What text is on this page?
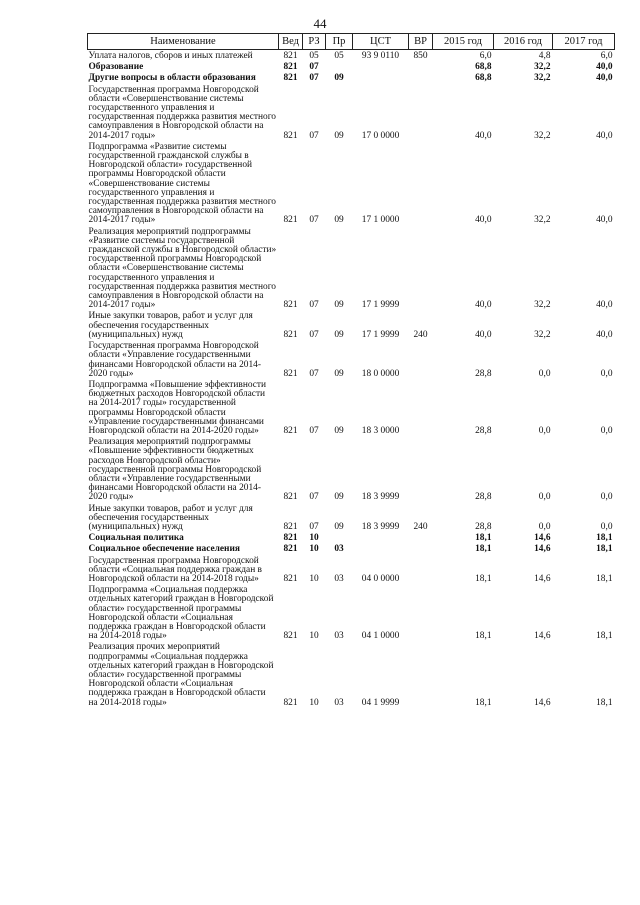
44
Наименование	Вед	РЗ	Пр	ЦСТ	ВР	2015 год	2016 год	2017 год
Уплата налогов, сборов и иных платежей	821	05	05	93 9 0110	850	6,0	4,8	6,0
Образование	821	07				68,8	32,2	40,0
Другие вопросы в области образования	821	07	09			68,8	32,2	40,0
Государственная программа Новгородской области «Совершенствование системы государственного управления и государственная поддержка развития местного самоуправления в Новгородской области на 2014-2017 годы»	821	07	09	17 0 0000		40,0	32,2	40,0
Подпрограмма «Развитие системы государственной гражданской службы в Новгородской области» государственной программы Новгородской области «Совершенствование системы государственного управления и государственная поддержка развития местного самоуправления в Новгородской области на 2014-2017 годы»	821	07	09	17 1 0000		40,0	32,2	40,0
Реализация мероприятий подпрограммы «Развитие системы государственной гражданской службы в Новгородской области» государственной программы Новгородской области «Совершенствование системы государственного управления и государственная поддержка развития местного самоуправления в Новгородской области на 2014-2017 годы»	821	07	09	17 1 9999		40,0	32,2	40,0
Иные закупки товаров, работ и услуг для обеспечения государственных (муниципальных) нужд	821	07	09	17 1 9999	240	40,0	32,2	40,0
Государственная программа Новгородской области «Управление государственными финансами Новгородской области на 2014-2020 годы»	821	07	09	18 0 0000		28,8	0,0	0,0
Подпрограмма «Повышение эффективности бюджетных расходов Новгородской области на 2014-2017 годы» государственной программы Новгородской области «Управление государственными финансами Новгородской области на 2014-2020 годы»	821	07	09	18 3 0000		28,8	0,0	0,0
Реализация мероприятий подпрограммы «Повышение эффективности бюджетных расходов Новгородской области» государственной программы Новгородской области «Управление государственными финансами Новгородской области на 2014-2020 годы»	821	07	09	18 3 9999		28,8	0,0	0,0
Иные закупки товаров, работ и услуг для обеспечения государственных (муниципальных) нужд	821	07	09	18 3 9999	240	28,8	0,0	0,0
Социальная политика	821	10				18,1	14,6	18,1
Социальное обеспечение населения	821	10	03			18,1	14,6	18,1
Государственная программа Новгородской области «Социальная поддержка граждан в Новгородской области на 2014-2018 годы»	821	10	03	04 0 0000		18,1	14,6	18,1
Подпрограмма «Социальная поддержка отдельных категорий граждан в Новгородской области» государственной программы Новгородской области «Социальная поддержка граждан в Новгородской области на 2014-2018 годы»	821	10	03	04 1 0000		18,1	14,6	18,1
Реализация прочих мероприятий подпрограммы «Социальная поддержка отдельных категорий граждан в Новгородской области» государственной программы Новгородской области «Социальная поддержка граждан в Новгородской области на 2014-2018 годы»	821	10	03	04 1 9999		18,1	14,6	18,1
